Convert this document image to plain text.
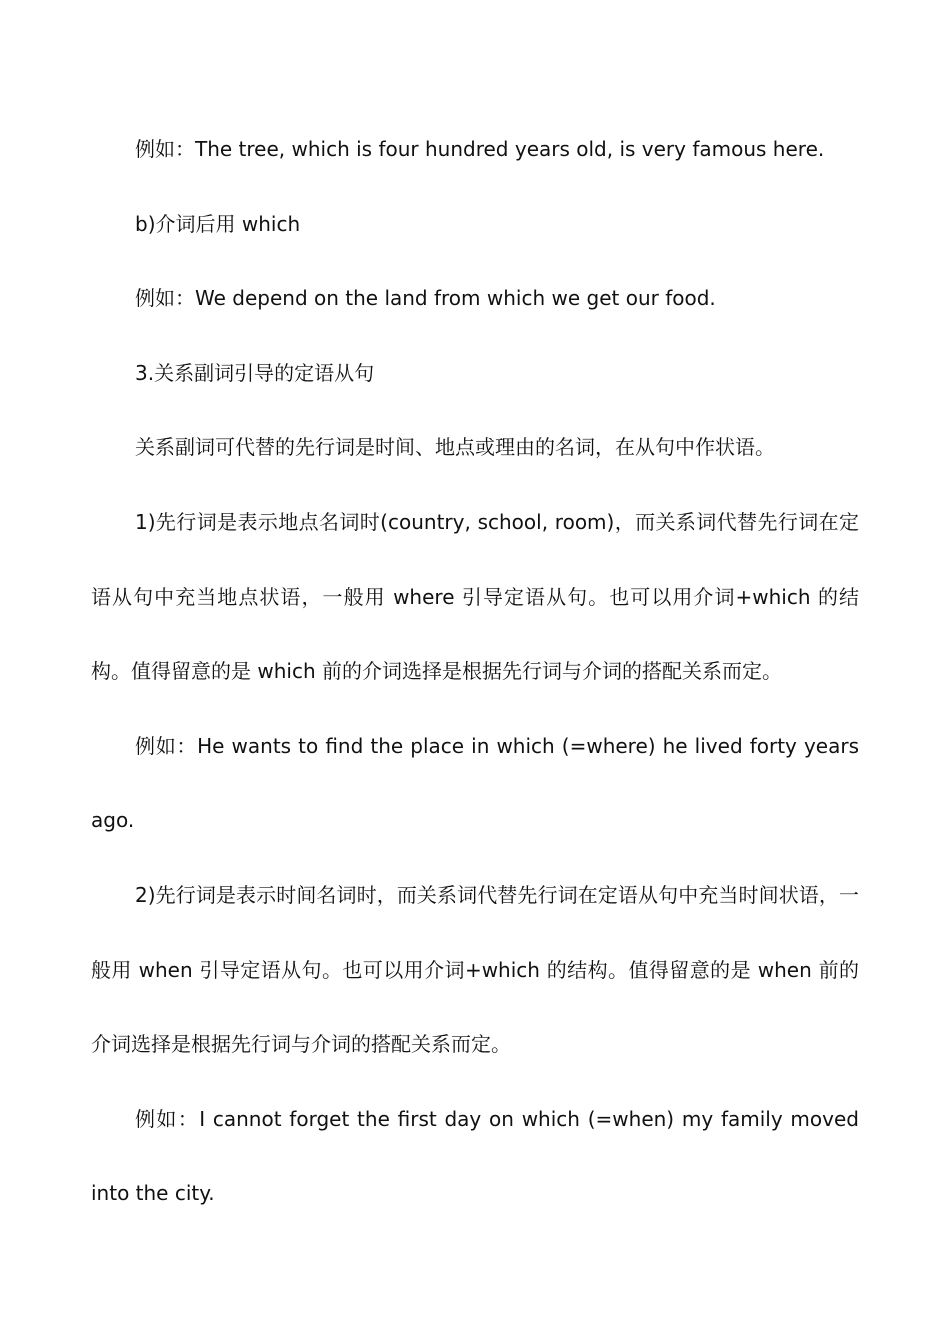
例如：The tree, which is four hundred years old, is very famous here.

b)介词后用 which

例如：We depend on the land from which we get our food.

3.关系副词引导的定语从句

关系副词可代替的先行词是时间、地点或理由的名词，在从句中作状语。

1)先行词是表示地点名词时(country, school, room)，而关系词代替先行词在定语从句中充当地点状语，一般用 where 引导定语从句。也可以用介词+which 的结构。值得留意的是 which 前的介词选择是根据先行词与介词的搭配关系而定。

例如：He wants to find the place in which (=where) he lived forty years ago.

2)先行词是表示时间名词时，而关系词代替先行词在定语从句中充当时间状语，一般用 when 引导定语从句。也可以用介词+which 的结构。值得留意的是 when 前的介词选择是根据先行词与介词的搭配关系而定。

例如：I cannot forget the first day on which (=when) my family moved into the city.
